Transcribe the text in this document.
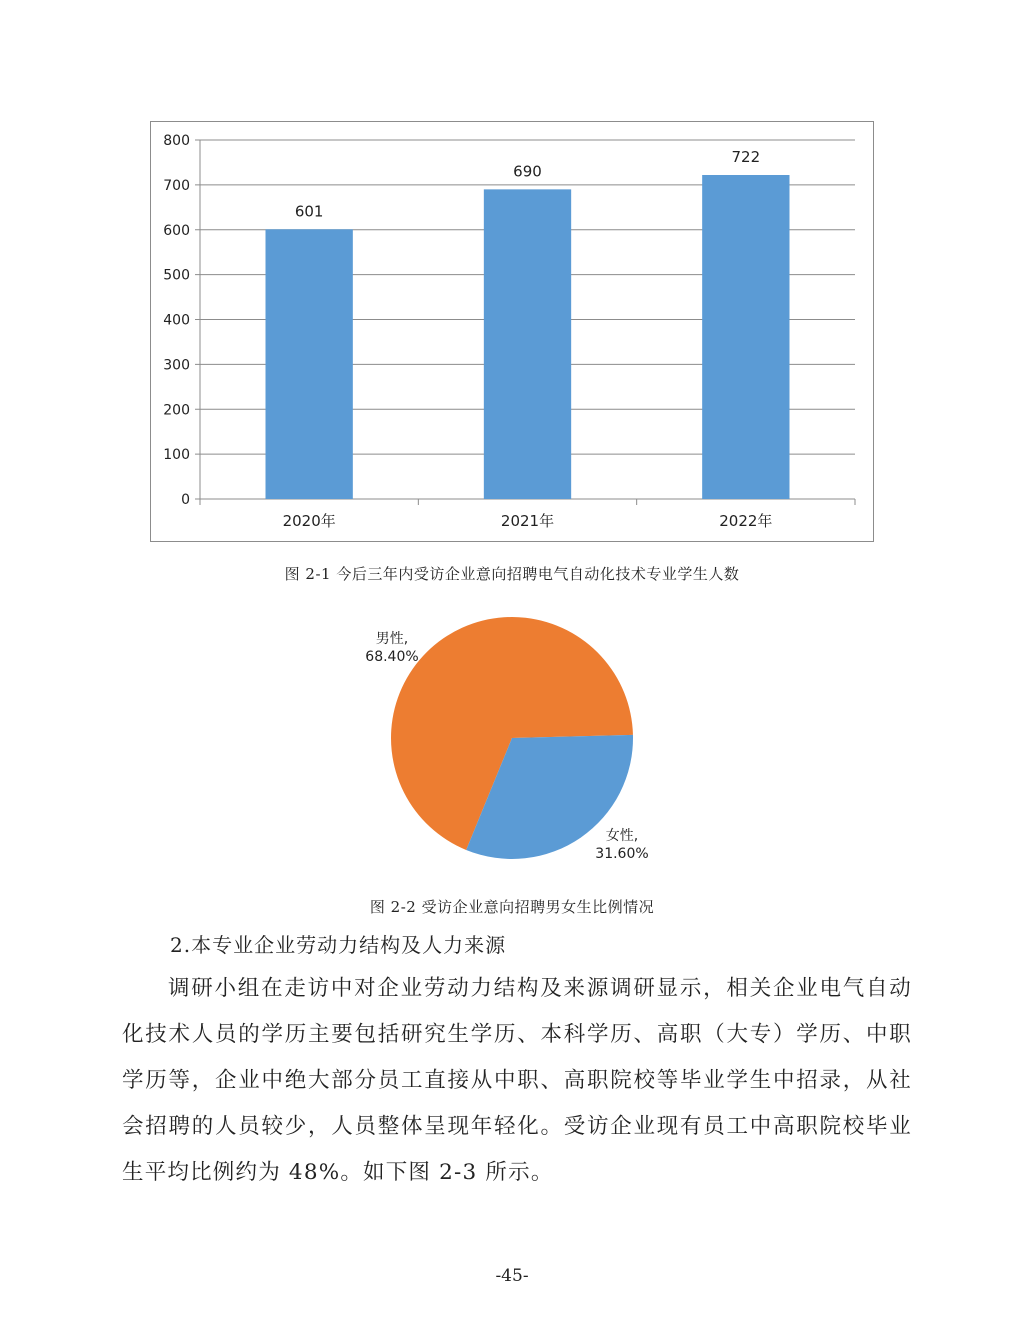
0
100
200
300
400
500
600
700
800
601
2020年
690
2021年
722
2022年
图 2-1 今后三年内受访企业意向招聘电气自动化技术专业学生人数
男性,
68.40%
女性,
31.60%
图 2-2 受访企业意向招聘男女生比例情况
2.本专业企业劳动力结构及人力来源
调研小组在走访中对企业劳动力结构及来源调研显示，相关企业电气自动化技术人员的学历主要包括研究生学历、本科学历、高职（大专）学历、中职学历等，企业中绝大部分员工直接从中职、高职院校等毕业学生中招录，从社会招聘的人员较少，人员整体呈现年轻化。受访企业现有员工中高职院校毕业生平均比例约为 48%。如下图 2-3 所示。
-45-
